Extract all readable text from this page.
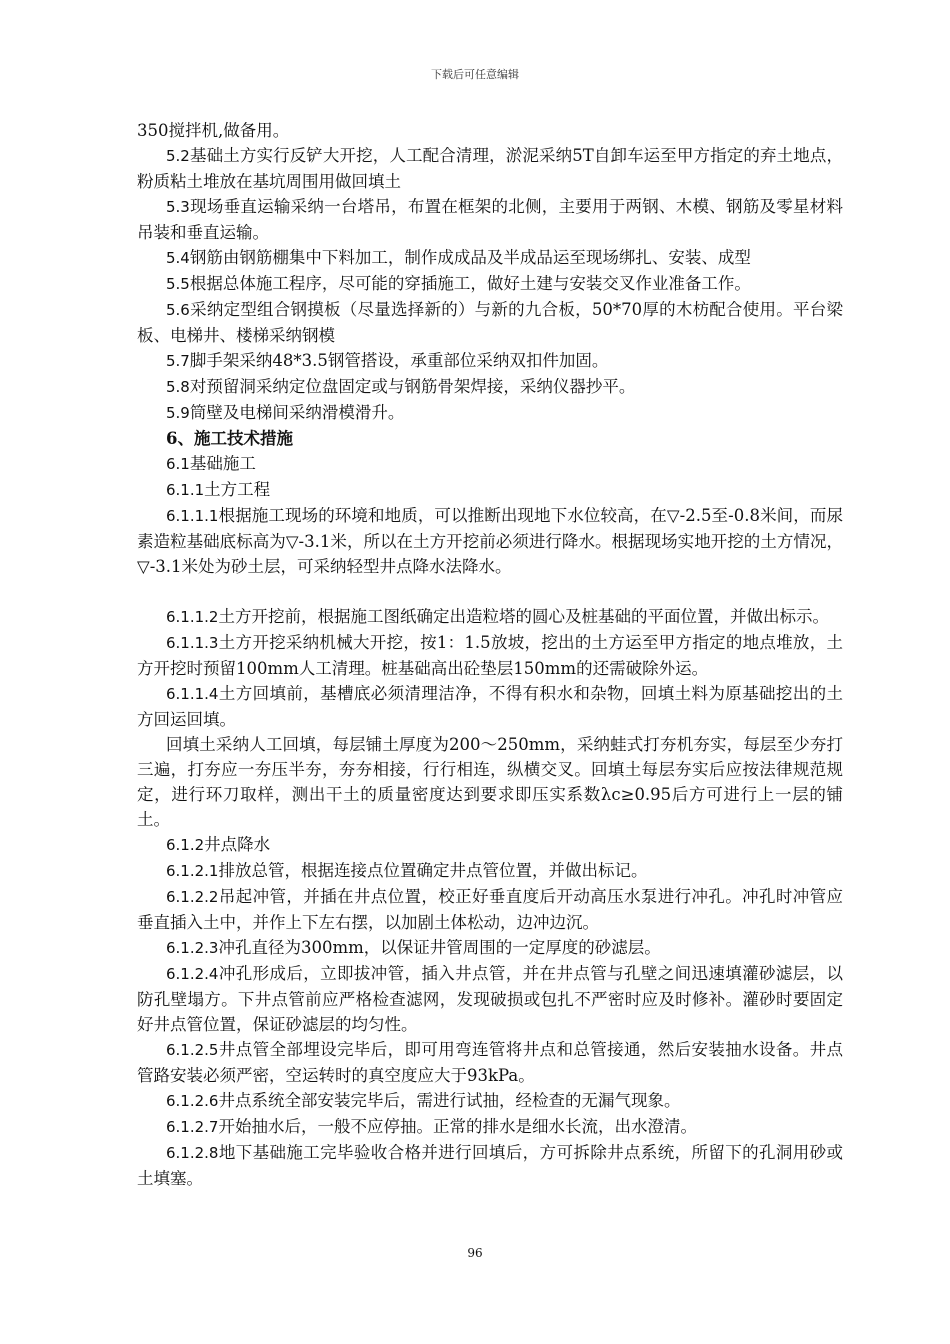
下载后可任意编辑

350搅拌机,做备用。

5.2基础土方实行反铲大开挖，人工配合清理，淤泥采纳5T自卸车运至甲方指定的弃土地点，粉质粘土堆放在基坑周围用做回填土

5.3现场垂直运输采纳一台塔吊，布置在框架的北侧，主要用于两钢、木模、钢筋及零星材料吊装和垂直运输。

5.4钢筋由钢筋棚集中下料加工，制作成成品及半成品运至现场绑扎、安装、成型

5.5根据总体施工程序，尽可能的穿插施工，做好土建与安装交叉作业准备工作。

5.6采纳定型组合钢摸板（尽量选择新的）与新的九合板，50*70厚的木枋配合使用。平台梁板、电梯井、楼梯采纳钢模

5.7脚手架采纳48*3.5钢管搭设，承重部位采纳双扣件加固。

5.8对预留洞采纳定位盘固定或与钢筋骨架焊接，采纳仪器抄平。

5.9筒壁及电梯间采纳滑模滑升。

6、施工技术措施

6.1基础施工

6.1.1土方工程

6.1.1.1根据施工现场的环境和地质，可以推断出现地下水位较高，在▽-2.5至-0.8米间，而尿素造粒基础底标高为▽-3.1米，所以在土方开挖前必须进行降水。根据现场实地开挖的土方情况，▽-3.1米处为砂土层，可采纳轻型井点降水法降水。

6.1.1.2土方开挖前，根据施工图纸确定出造粒塔的圆心及桩基础的平面位置，并做出标示。

6.1.1.3土方开挖采纳机械大开挖，按1：1.5放坡，挖出的土方运至甲方指定的地点堆放，土方开挖时预留100mm人工清理。桩基础高出砼垫层150mm的还需破除外运。

6.1.1.4土方回填前，基槽底必须清理洁净，不得有积水和杂物，回填土料为原基础挖出的土方回运回填。

回填土采纳人工回填，每层铺土厚度为200～250mm，采纳蛙式打夯机夯实，每层至少夯打三遍，打夯应一夯压半夯，夯夯相接，行行相连，纵横交叉。回填土每层夯实后应按法律规范规定，进行环刀取样，测出干土的质量密度达到要求即压实系数λc≥0.95后方可进行上一层的铺土。

6.1.2井点降水

6.1.2.1排放总管，根据连接点位置确定井点管位置，并做出标记。

6.1.2.2吊起冲管，并插在井点位置，校正好垂直度后开动高压水泵进行冲孔。冲孔时冲管应垂直插入土中，并作上下左右摆，以加剧土体松动，边冲边沉。

6.1.2.3冲孔直径为300mm，以保证井管周围的一定厚度的砂滤层。

6.1.2.4冲孔形成后，立即拔冲管，插入井点管，并在井点管与孔壁之间迅速填灌砂滤层，以防孔壁塌方。下井点管前应严格检查滤网，发现破损或包扎不严密时应及时修补。灌砂时要固定好井点管位置，保证砂滤层的均匀性。

6.1.2.5井点管全部埋设完毕后，即可用弯连管将井点和总管接通，然后安装抽水设备。井点管路安装必须严密，空运转时的真空度应大于93kPa。

6.1.2.6井点系统全部安装完毕后，需进行试抽，经检查的无漏气现象。

6.1.2.7开始抽水后，一般不应停抽。正常的排水是细水长流，出水澄清。

6.1.2.8地下基础施工完毕验收合格并进行回填后，方可拆除井点系统，所留下的孔洞用砂或土填塞。

96
